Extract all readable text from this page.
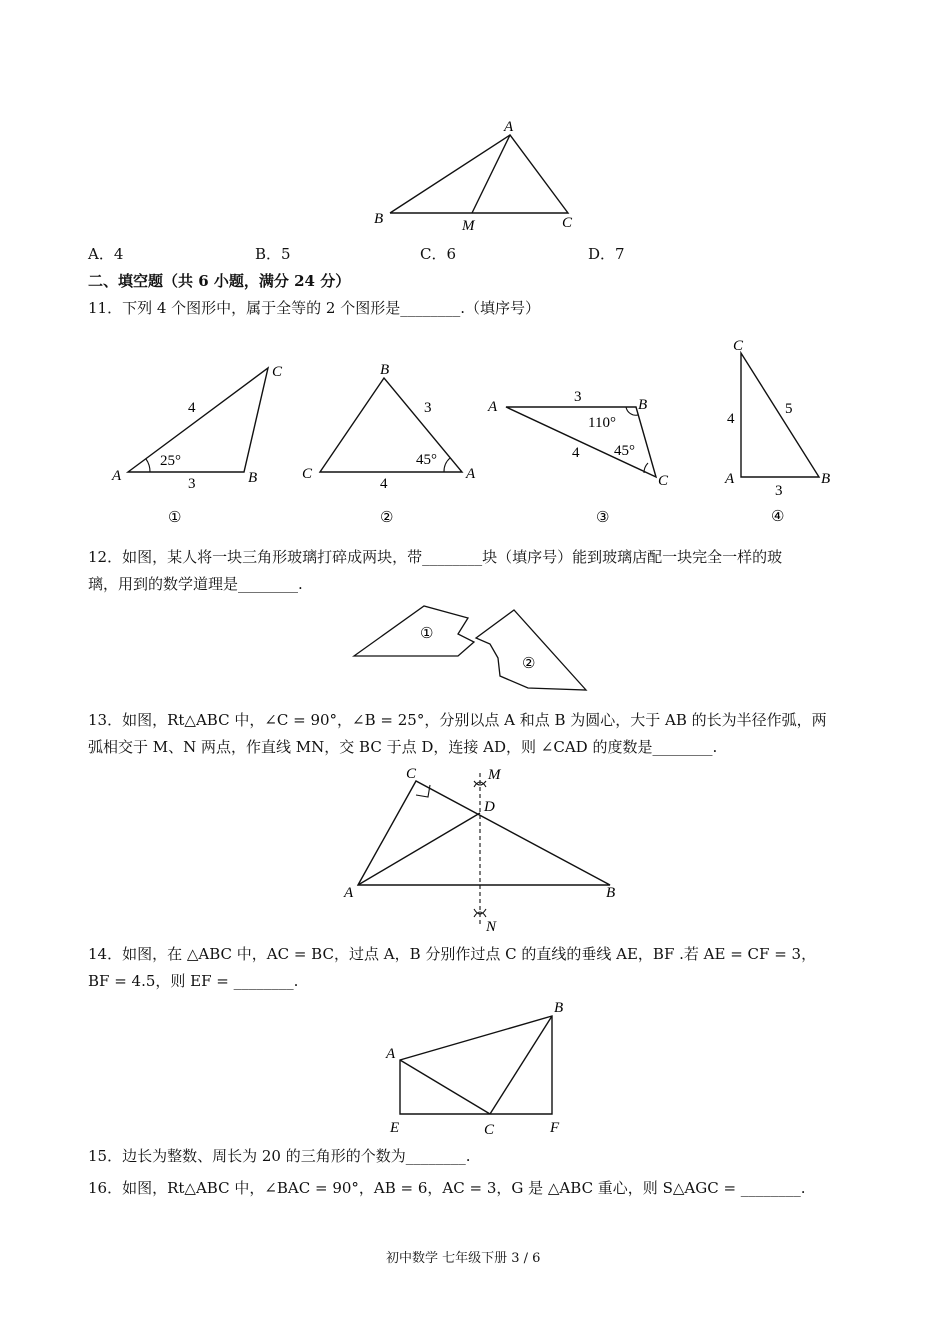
A
B	C
M
A．4	B．5	C．6	D．7
二、填空题（共 6 小题，满分 24 分）
11．下列 4 个图形中，属于全等的 2 个图形是________.（填序号）
A	B
C
4
3
25°
①
A
B
C
3
4
45°
②
A	B
C
3
4
110°
45°
③
A	B
C
4
5
3
④
12．如图，某人将一块三角形玻璃打碎成两块，带________块（填序号）能到玻璃店配一块完全一样的玻
璃，用到的数学道理是________.
①
②
13．如图，Rt△ABC 中，∠C = 90°，∠B = 25°，分别以点 A 和点 B 为圆心，大于 AB 的长为半径作弧，两
弧相交于 M、N 两点，作直线 MN，交 BC 于点 D，连接 AD，则 ∠CAD 的度数是________.
A	B
C
D
M
N
14．如图，在 △ABC 中，AC = BC，过点 A，B 分别作过点 C 的直线的垂线 AE，BF .若 AE = CF = 3，
BF = 4.5，则 EF = ________.
A
B
C
E	F
15．边长为整数、周长为 20 的三角形的个数为________.
16．如图，Rt△ABC 中，∠BAC = 90°，AB = 6，AC = 3，G 是 △ABC 重心，则 S△AGC = ________.
初中数学 七年级下册 3 / 6
